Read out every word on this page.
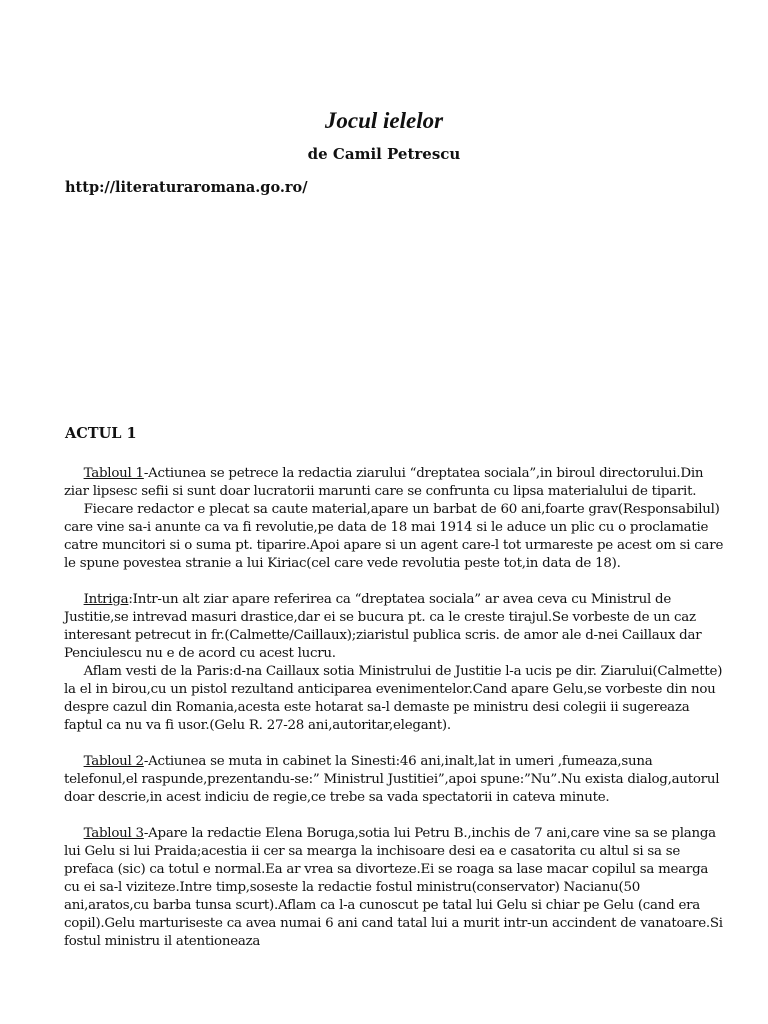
Jocul ielelor
de Camil Petrescu
http://literaturaromana.go.ro/
ACTUL 1

  Tabloul 1-Actiunea se petrece la redactia ziarului “dreptatea sociala”,in biroul directorului.Din ziar lipsesc sefii si sunt doar lucratorii marunti care se confrunta cu lipsa materialului de tiparit.

  Fiecare redactor e plecat sa caute material,apare un barbat de 60 ani,foarte grav(Responsabilul) care vine sa-i anunte ca va fi revolutie,pe data de 18 mai 1914 si le aduce un plic cu o proclamatie catre muncitori si o suma pt. tiparire.Apoi apare si un agent care-l tot urmareste pe acest om si care le spune povestea stranie a lui Kiriac(cel care vede revolutia peste tot,in data de 18).

  Intriga:Intr-un alt ziar apare referirea ca “dreptatea sociala” ar avea ceva cu Ministrul de Justitie,se intrevad masuri drastice,dar ei se bucura pt. ca le creste tirajul.Se vorbeste de un caz interesant petrecut in fr.(Calmette/Caillaux);ziaristul publica scris. de amor ale d-nei Caillaux dar Penciulescu nu e de acord cu acest lucru.

  Aflam vesti de la Paris:d-na Caillaux sotia Ministrului de Justitie l-a ucis pe dir. Ziarului(Calmette) la el in birou,cu un pistol rezultand anticiparea evenimentelor.Cand apare Gelu,se vorbeste din nou despre cazul din Romania,acesta este hotarat sa-l demaste pe ministru desi colegii ii sugereaza faptul ca nu va fi usor.(Gelu R. 27-28 ani,autoritar,elegant).

  Tabloul 2-Actiunea se muta in cabinet la Sinesti:46 ani,inalt,lat in umeri ,fumeaza,suna telefonul,el raspunde,prezentandu-se:” Ministrul Justitiei”,apoi spune:”Nu”.Nu exista dialog,autorul doar descrie,in acest indiciu de regie,ce trebe sa vada spectatorii in cateva minute.

  Tabloul 3-Apare la redactie Elena Boruga,sotia lui Petru B.,inchis de 7 ani,care vine sa se planga lui Gelu si lui Praida;acestia ii cer sa mearga la inchisoare desi ea e casatorita cu altul si sa se prefaca (sic) ca totul e normal.Ea ar vrea sa divorteze.Ei se roaga sa lase macar copilul sa mearga cu ei sa-l viziteze.Intre timp,soseste la redactie fostul ministru(conservator) Nacianu(50 ani,aratos,cu barba tunsa scurt).Aflam ca l-a cunoscut pe tatal lui Gelu si chiar pe Gelu (cand era copil).Gelu marturiseste ca avea numai 6 ani cand tatal lui a murit intr-un accindent de vanatoare.Si fostul ministru il atentioneaza
